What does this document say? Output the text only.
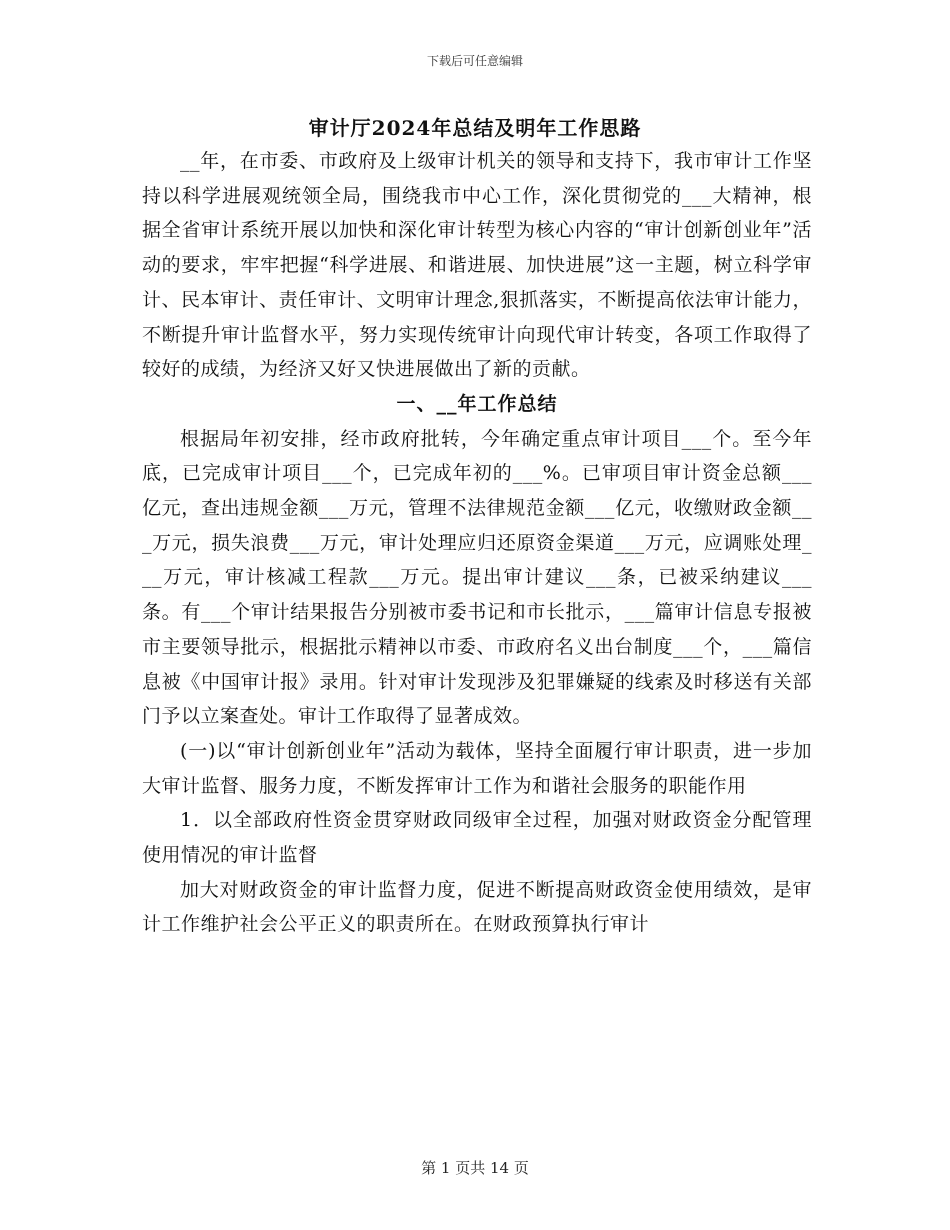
下载后可任意编辑
审计厅2024年总结及明年工作思路

__年，在市委、市政府及上级审计机关的领导和支持下，我市审计工作坚持以科学进展观统领全局，围绕我市中心工作，深化贯彻党的___大精神，根据全省审计系统开展以加快和深化审计转型为核心内容的“审计创新创业年”活动的要求，牢牢把握“科学进展、和谐进展、加快进展”这一主题，树立科学审计、民本审计、责任审计、文明审计理念,狠抓落实，不断提高依法审计能力，不断提升审计监督水平，努力实现传统审计向现代审计转变，各项工作取得了较好的成绩，为经济又好又快进展做出了新的贡献。

一、__年工作总结

根据局年初安排，经市政府批转，今年确定重点审计项目___个。至今年底，已完成审计项目___个，已完成年初的___%。已审项目审计资金总额___亿元，查出违规金额___万元，管理不法律规范金额___亿元，收缴财政金额___万元，损失浪费___万元，审计处理应归还原资金渠道___万元，应调账处理___万元，审计核减工程款___万元。提出审计建议___条，已被采纳建议___条。有___个审计结果报告分别被市委书记和市长批示，___篇审计信息专报被市主要领导批示，根据批示精神以市委、市政府名义出台制度___个，___篇信息被《中国审计报》录用。针对审计发现涉及犯罪嫌疑的线索及时移送有关部门予以立案查处。审计工作取得了显著成效。

(一)以“审计创新创业年”活动为载体，坚持全面履行审计职责，进一步加大审计监督、服务力度，不断发挥审计工作为和谐社会服务的职能作用

1．以全部政府性资金贯穿财政同级审全过程，加强对财政资金分配管理使用情况的审计监督

加大对财政资金的审计监督力度，促进不断提高财政资金使用绩效，是审计工作维护社会公平正义的职责所在。在财政预算执行审计

第 1 页共 14 页
